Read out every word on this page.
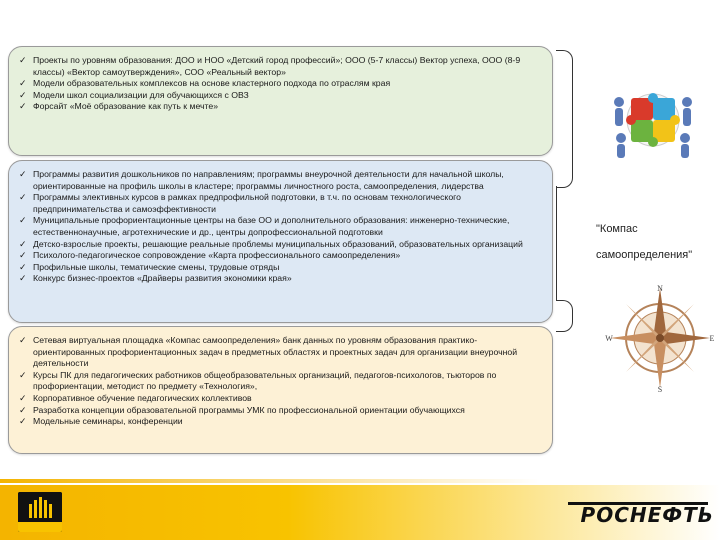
✓ Проекты по уровням образования: ДОО и НОО «Детский город профессий»; ООО (5-7 классы) Вектор успеха, ООО (8-9 классы) «Вектор самоутверждения», СОО «Реальный вектор»
✓ Модели образовательных комплексов на основе кластерного подхода по отраслям края
✓ Модели школ социализации для обучающихся с ОВЗ
✓ Форсайт «Моё образование как путь к мечте»
✓ Программы развития дошкольников по направлениям; программы внеурочной деятельности для начальной школы, ориентированные на профиль школы в кластере; программы личностного роста, самоопределения, лидерства
✓ Программы элективных курсов в рамках предпрофильной подготовки, в т.ч. по основам технологического предпринимательства и самоэффективности
✓ Муниципальные профориентационные центры на базе ОО и дополнительного образования: инженерно-технические, естественнонаучные, агротехнические и др., центры допрофессиональной подготовки
✓ Детско-взрослые проекты, решающие реальные проблемы муниципальных образований, образовательных организаций
✓ Психолого-педагогическое сопровождение «Карта профессионального самоопределения»
✓ Профильные школы, тематические смены, трудовые отряды
✓ Конкурс бизнес-проектов «Драйверы развития экономики края»
✓ Сетевая виртуальная площадка «Компас самоопределения» банк данных по уровням образования практико-ориентированных профориентационных задач в предметных областях и проектных задач для организации внеурочной деятельности
✓ Курсы ПК для педагогических работников общеобразовательных организаций, педагогов-психологов, тьюторов по профориентации, методист по предмету «Технология»,
✓ Корпоративное обучение педагогических коллективов
✓ Разработка концепции образовательной программы УМК по профессиональной ориентации обучающихся
✓ Модельные семинары, конференции
"Компас самоопределения"
N
S
W	E
РОСНЕФТЬ
